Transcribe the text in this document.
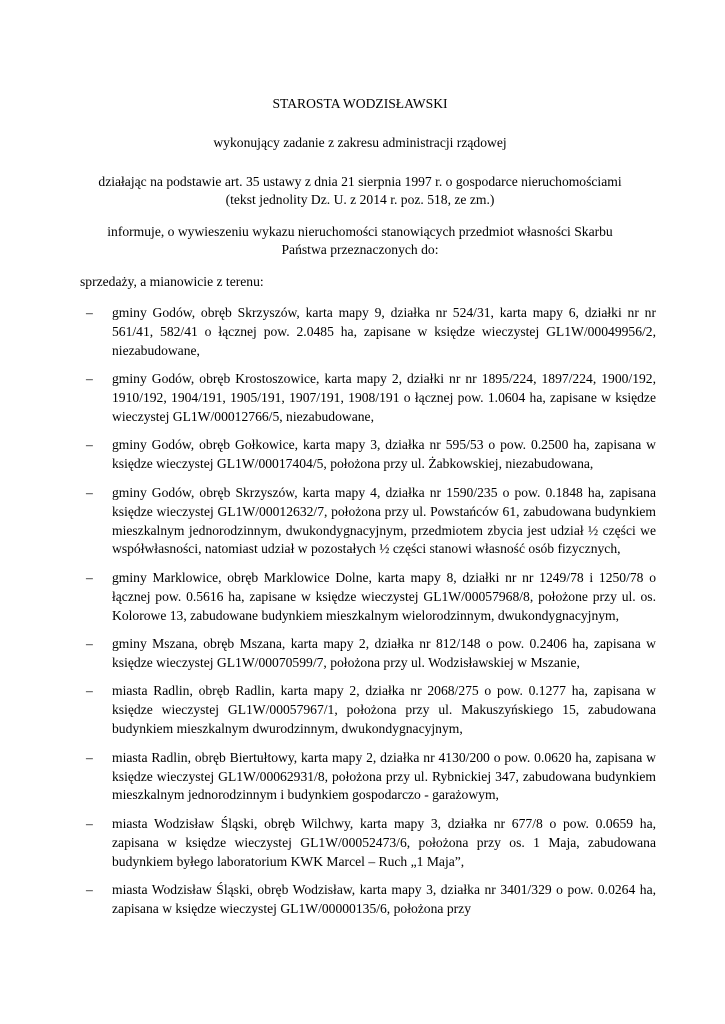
STAROSTA WODZISŁAWSKI

wykonujący zadanie z zakresu administracji rządowej

działając na podstawie art. 35 ustawy z dnia 21 sierpnia 1997 r. o gospodarce nieruchomościami
(tekst jednolity Dz. U. z 2014 r. poz. 518, ze zm.)

informuje, o wywieszeniu wykazu nieruchomości stanowiących przedmiot własności Skarbu
Państwa przeznaczonych do:

sprzedaży, a mianowicie z terenu:

– gminy Godów, obręb Skrzyszów, karta mapy 9, działka nr 524/31, karta mapy 6, działki nr nr 561/41, 582/41 o łącznej pow. 2.0485 ha, zapisane w księdze wieczystej GL1W/00049956/2, niezabudowane,
– gminy Godów, obręb Krostoszowice, karta mapy 2, działki nr nr 1895/224, 1897/224, 1900/192, 1910/192, 1904/191, 1905/191, 1907/191, 1908/191 o łącznej pow. 1.0604 ha, zapisane w księdze wieczystej GL1W/00012766/5, niezabudowane,
– gminy Godów, obręb Gołkowice, karta mapy 3, działka nr 595/53 o pow. 0.2500 ha, zapisana w księdze wieczystej GL1W/00017404/5, położona przy ul. Żabkowskiej, niezabudowana,
– gminy Godów, obręb Skrzyszów, karta mapy 4, działka nr 1590/235 o pow. 0.1848 ha, zapisana księdze wieczystej GL1W/00012632/7, położona przy ul. Powstańców 61, zabudowana budynkiem mieszkalnym jednorodzinnym, dwukondygnacyjnym, przedmiotem zbycia jest udział ½ części we współwłasności, natomiast udział w pozostałych ½ części stanowi własność osób fizycznych,
– gminy Marklowice, obręb Marklowice Dolne, karta mapy 8, działki nr nr 1249/78 i 1250/78 o łącznej pow. 0.5616 ha, zapisane w księdze wieczystej GL1W/00057968/8, położone przy ul. os. Kolorowe 13, zabudowane budynkiem mieszkalnym wielorodzinnym, dwukondygnacyjnym,
– gminy Mszana, obręb Mszana, karta mapy 2, działka nr 812/148 o pow. 0.2406 ha, zapisana w księdze wieczystej GL1W/00070599/7, położona przy ul. Wodzisławskiej w Mszanie,
– miasta Radlin, obręb Radlin, karta mapy 2, działka nr 2068/275 o pow. 0.1277 ha, zapisana w księdze wieczystej GL1W/00057967/1, położona przy ul. Makuszyńskiego 15, zabudowana budynkiem mieszkalnym dwurodzinnym, dwukondygnacyjnym,
– miasta Radlin, obręb Biertułtowy, karta mapy 2, działka nr 4130/200 o pow. 0.0620 ha, zapisana w księdze wieczystej GL1W/00062931/8, położona przy ul. Rybnickiej 347, zabudowana budynkiem mieszkalnym jednorodzinnym i budynkiem gospodarczo - garażowym,
– miasta Wodzisław Śląski, obręb Wilchwy, karta mapy 3, działka nr 677/8 o pow. 0.0659 ha, zapisana w księdze wieczystej GL1W/00052473/6, położona przy os. 1 Maja, zabudowana budynkiem byłego laboratorium KWK Marcel – Ruch „1 Maja”,
– miasta Wodzisław Śląski, obręb Wodzisław, karta mapy 3, działka nr 3401/329 o pow. 0.0264 ha, zapisana w księdze wieczystej GL1W/00000135/6, położona przy
